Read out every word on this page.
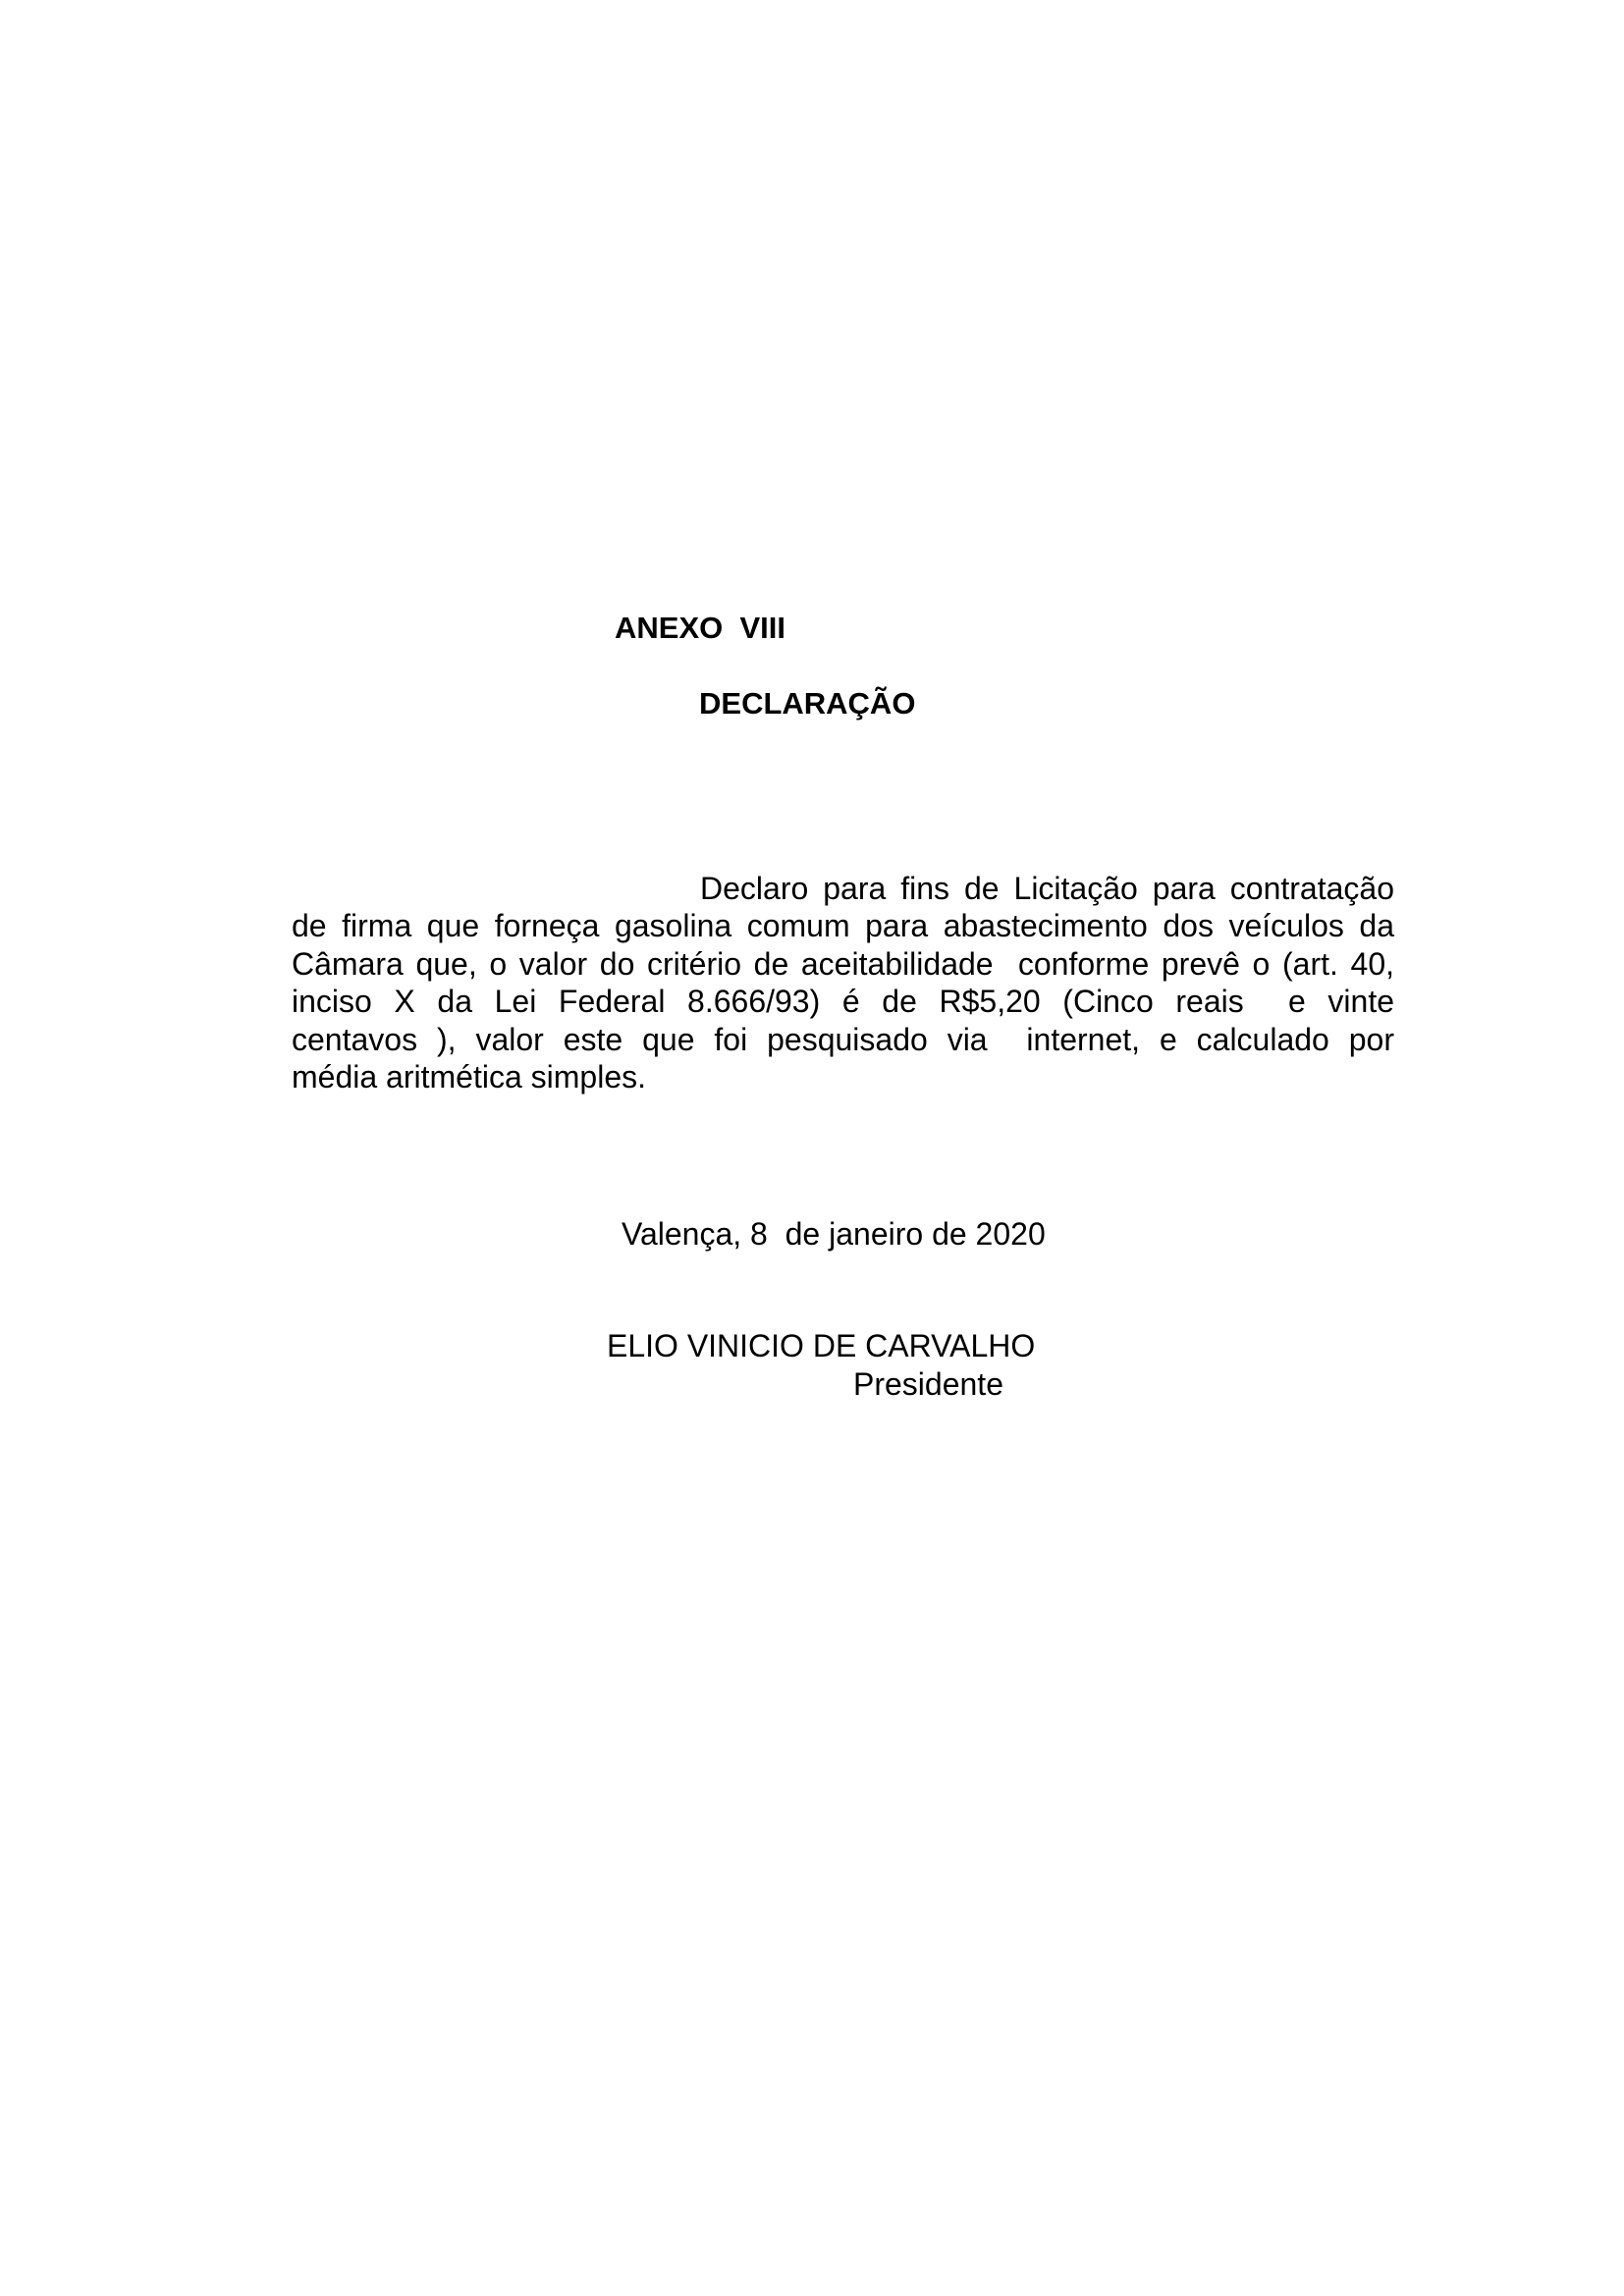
ANEXO  VIII
DECLARAÇÃO
Declaro para fins de Licitação para contratação
de firma que forneça gasolina comum para abastecimento dos veículos da
Câmara que, o valor do critério de aceitabilidade  conforme prevê o (art. 40,
inciso X da Lei Federal 8.666/93) é de R$5,20 (Cinco reais  e vinte
centavos ), valor este que foi pesquisado via  internet, e calculado por
média aritmética simples.
Valença, 8  de janeiro de 2020
ELIO VINICIO DE CARVALHO
Presidente
